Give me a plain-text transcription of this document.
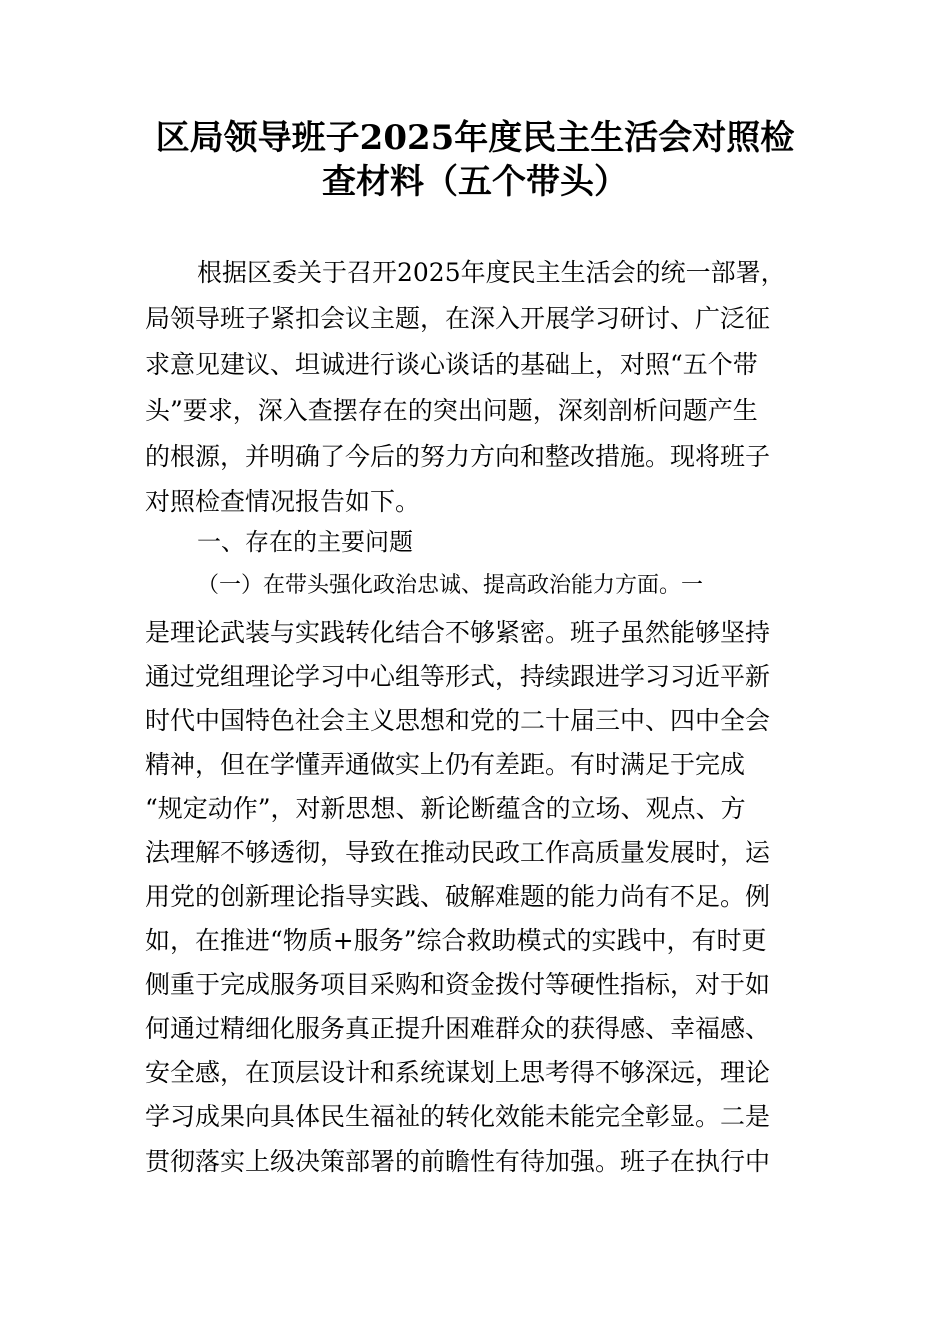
区局领导班子2025年度民主生活会对照检
查材料（五个带头）

根据区委关于召开2025年度民主生活会的统一部署，

局领导班子紧扣会议主题，在深入开展学习研讨、广泛征

求意见建议、坦诚进行谈心谈话的基础上，对照“五个带

头”要求，深入查摆存在的突出问题，深刻剖析问题产生

的根源，并明确了今后的努力方向和整改措施。现将班子

对照检查情况报告如下。

一、存在的主要问题

（一）在带头强化政治忠诚、提高政治能力方面。一

是理论武装与实践转化结合不够紧密。班子虽然能够坚持

通过党组理论学习中心组等形式，持续跟进学习习近平新

时代中国特色社会主义思想和党的二十届三中、四中全会

精神，但在学懂弄通做实上仍有差距。有时满足于完成

“规定动作”，对新思想、新论断蕴含的立场、观点、方

法理解不够透彻，导致在推动民政工作高质量发展时，运

用党的创新理论指导实践、破解难题的能力尚有不足。例

如，在推进“物质+服务”综合救助模式的实践中，有时更

侧重于完成服务项目采购和资金拨付等硬性指标，对于如

何通过精细化服务真正提升困难群众的获得感、幸福感、

安全感，在顶层设计和系统谋划上思考得不够深远，理论

学习成果向具体民生福祉的转化效能未能完全彰显。二是

贯彻落实上级决策部署的前瞻性有待加强。班子在执行中
